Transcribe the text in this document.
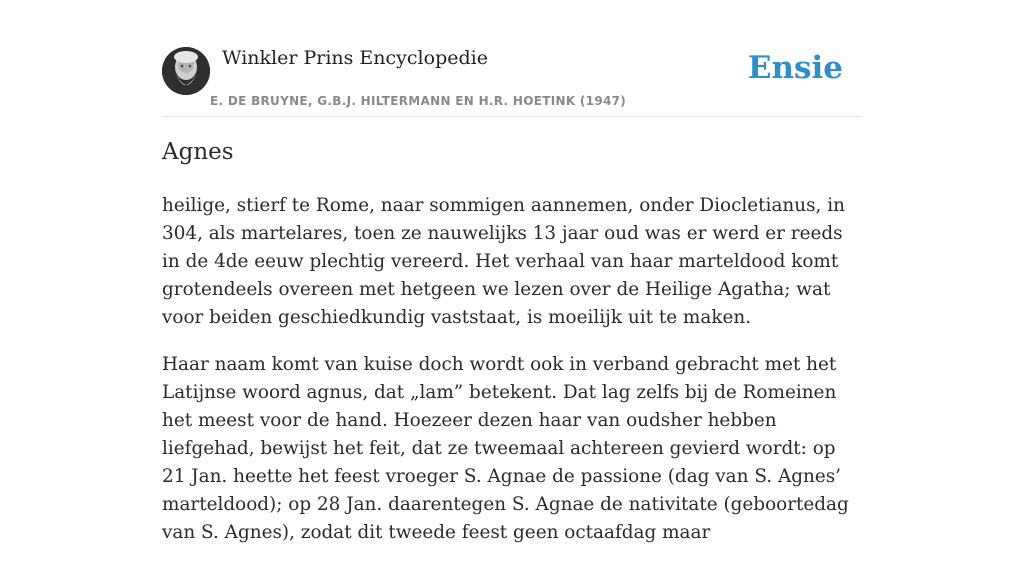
Winkler Prins Encyclopedie
E. DE BRUYNE, G.B.J. HILTERMANN EN H.R. HOETINK (1947)
Ensie
Agnes

heilige, stierf te Rome, naar sommigen aannemen, onder Diocletianus, in 304, als martelares, toen ze nauwelijks 13 jaar oud was er werd er reeds in de 4de eeuw plechtig vereerd. Het verhaal van haar marteldood komt grotendeels overeen met hetgeen we lezen over de Heilige Agatha; wat voor beiden geschiedkundig vaststaat, is moeilijk uit te maken.

Haar naam komt van kuise doch wordt ook in verband gebracht met het Latijnse woord agnus, dat „lam” betekent. Dat lag zelfs bij de Romeinen het meest voor de hand. Hoezeer dezen haar van oudsher hebben liefgehad, bewijst het feit, dat ze tweemaal achtereen gevierd wordt: op 21 Jan. heette het feest vroeger S. Agnae de passione (dag van S. Agnes’ marteldood); op 28 Jan. daarentegen S. Agnae de nativitate (geboortedag van S. Agnes), zodat dit tweede feest geen octaafdag maar
